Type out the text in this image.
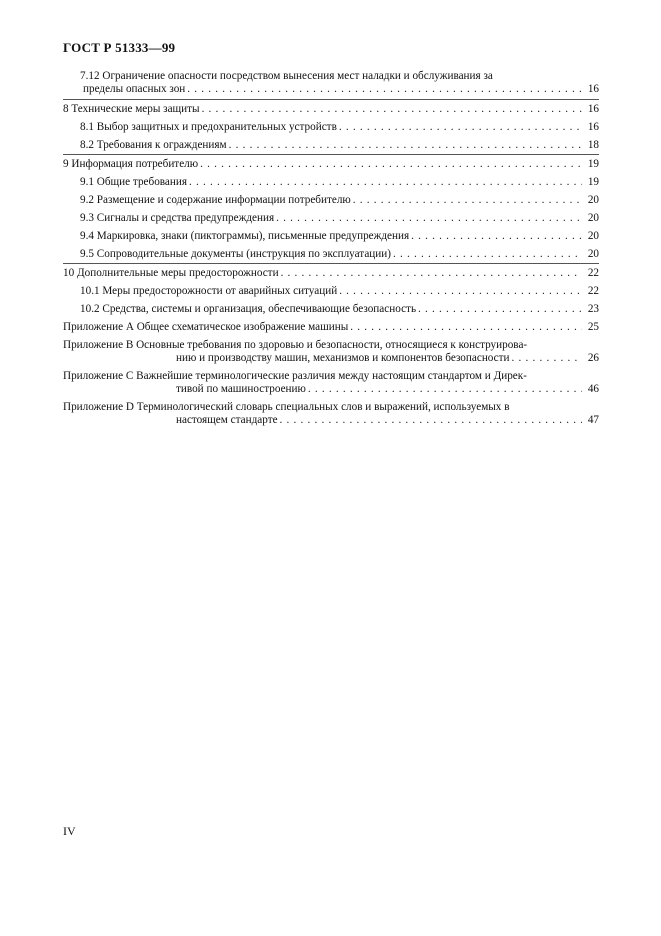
ГОСТ Р 51333—99
7.12 Ограничение опасности посредством вынесения мест наладки и обслуживания за
пределы опасных зон . . .	16
8 Технические меры защиты . . .	16
8.1 Выбор защитных и предохранительных устройств . . .	16
8.2 Требования к ограждениям . . .	18
9 Информация потребителю . . .	19
9.1 Общие требования . . .	19
9.2 Размещение и содержание информации потребителю . . .	20
9.3 Сигналы и средства предупреждения . . .	20
9.4 Маркировка, знаки (пиктограммы), письменные предупреждения . . .	20
9.5 Сопроводительные документы (инструкция по эксплуатации) . . .	20
10 Дополнительные меры предосторожности . . .	22
10.1 Меры предосторожности от аварийных ситуаций . . .	22
10.2 Средства, системы и организация, обеспечивающие безопасность . . .	23
Приложение А Общее схематическое изображение машины . . .	25
Приложение В Основные требования по здоровью и безопасности, относящиеся к конструирова-
нию и производству машин, механизмов и компонентов безопасности . . .	26
Приложение С Важнейшие терминологические различия между настоящим стандартом и Дирек-
тивой по машиностроению . . .	46
Приложение D Терминологический словарь специальных слов и выражений, используемых в
настоящем стандарте . . .	47
IV
